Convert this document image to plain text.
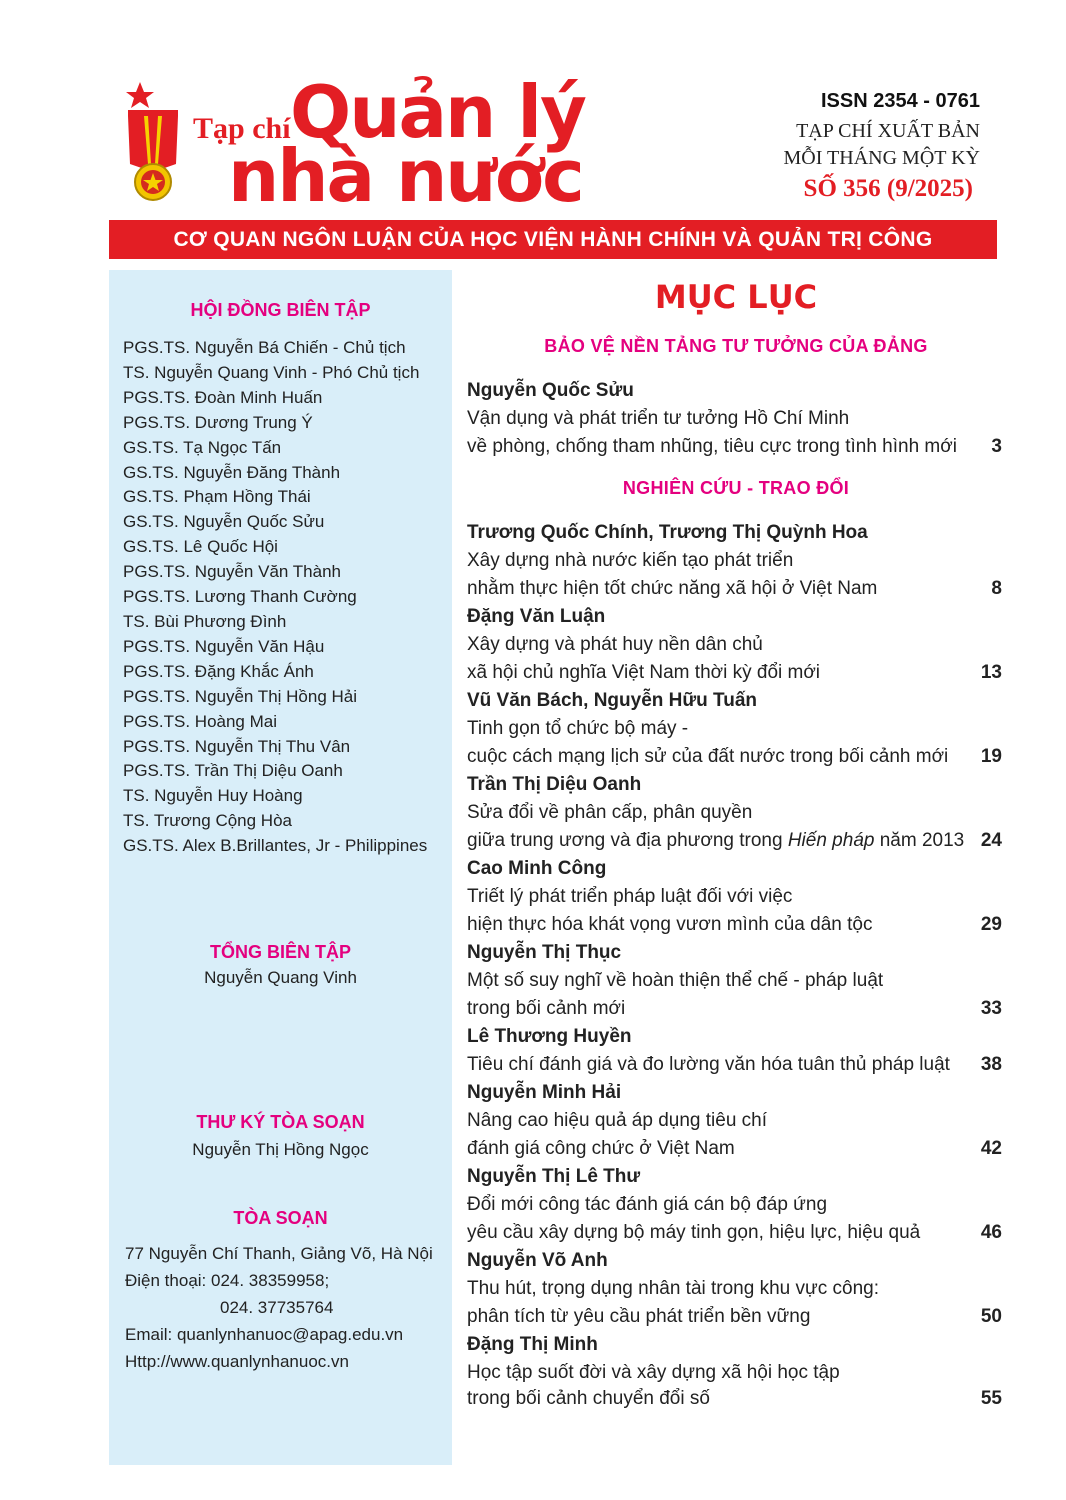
Tạp chí Quản lý
nhà nước
ISSN 2354 - 0761
TẠP CHÍ XUẤT BẢN
MỖI THÁNG MỘT KỲ
SỐ 356 (9/2025)
CƠ QUAN NGÔN LUẬN CỦA HỌC VIỆN HÀNH CHÍNH VÀ QUẢN TRỊ CÔNG
HỘI ĐỒNG BIÊN TẬP
PGS.TS. Nguyễn Bá Chiến - Chủ tịch
TS. Nguyễn Quang Vinh - Phó Chủ tịch
PGS.TS. Đoàn Minh Huấn
PGS.TS. Dương Trung Ý
GS.TS. Tạ Ngọc Tấn
GS.TS. Nguyễn Đăng Thành
GS.TS. Phạm Hồng Thái
GS.TS. Nguyễn Quốc Sửu
GS.TS. Lê Quốc Hội
PGS.TS. Nguyễn Văn Thành
PGS.TS. Lương Thanh Cường
TS. Bùi Phương Đình
PGS.TS. Nguyễn Văn Hậu
PGS.TS. Đặng Khắc Ánh
PGS.TS. Nguyễn Thị Hồng Hải
PGS.TS. Hoàng Mai
PGS.TS. Nguyễn Thị Thu Vân
PGS.TS. Trần Thị Diệu Oanh
TS. Nguyễn Huy Hoàng
TS. Trương Cộng Hòa
GS.TS. Alex B.Brillantes, Jr - Philippines
TỔNG BIÊN TẬP
Nguyễn Quang Vinh
THƯ KÝ TÒA SOẠN
Nguyễn Thị Hồng Ngọc
TÒA SOẠN
77 Nguyễn Chí Thanh, Giảng Võ, Hà Nội
Điện thoại: 024. 38359958;
024. 37735764
Email: quanlynhanuoc@apag.edu.vn
Http://www.quanlynhanuoc.vn
MỤC LỤC
BẢO VỆ NỀN TẢNG TƯ TƯỞNG CỦA ĐẢNG
Nguyễn Quốc Sửu
Vận dụng và phát triển tư tưởng Hồ Chí Minh
về phòng, chống tham nhũng, tiêu cực trong tình hình mới 3
NGHIÊN CỨU - TRAO ĐỔI
Trương Quốc Chính, Trương Thị Quỳnh Hoa
Xây dựng nhà nước kiến tạo phát triển
nhằm thực hiện tốt chức năng xã hội ở Việt Nam	8
Đặng Văn Luận
Xây dựng và phát huy nền dân chủ
xã hội chủ nghĩa Việt Nam thời kỳ đổi mới	13
Vũ Văn Bách, Nguyễn Hữu Tuấn
Tinh gọn tổ chức bộ máy -
cuộc cách mạng lịch sử của đất nước trong bối cảnh mới 19
Trần Thị Diệu Oanh
Sửa đổi về phân cấp, phân quyền
giữa trung ương và địa phương trong Hiến pháp năm 2013 24
Cao Minh Công
Triết lý phát triển pháp luật đối với việc
hiện thực hóa khát vọng vươn mình của dân tộc	29
Nguyễn Thị Thục
Một số suy nghĩ về hoàn thiện thể chế - pháp luật
trong bối cảnh mới	33
Lê Thương Huyền
Tiêu chí đánh giá và đo lường văn hóa tuân thủ pháp luật 38
Nguyễn Minh Hải
Nâng cao hiệu quả áp dụng tiêu chí
đánh giá công chức ở Việt Nam	42
Nguyễn Thị Lê Thư
Đổi mới công tác đánh giá cán bộ đáp ứng
yêu cầu xây dựng bộ máy tinh gọn, hiệu lực, hiệu quả	46
Nguyễn Võ Anh
Thu hút, trọng dụng nhân tài trong khu vực công:
phân tích từ yêu cầu phát triển bền vững	50
Đặng Thị Minh
Học tập suốt đời và xây dựng xã hội học tập
trong bối cảnh chuyển đổi số	55
